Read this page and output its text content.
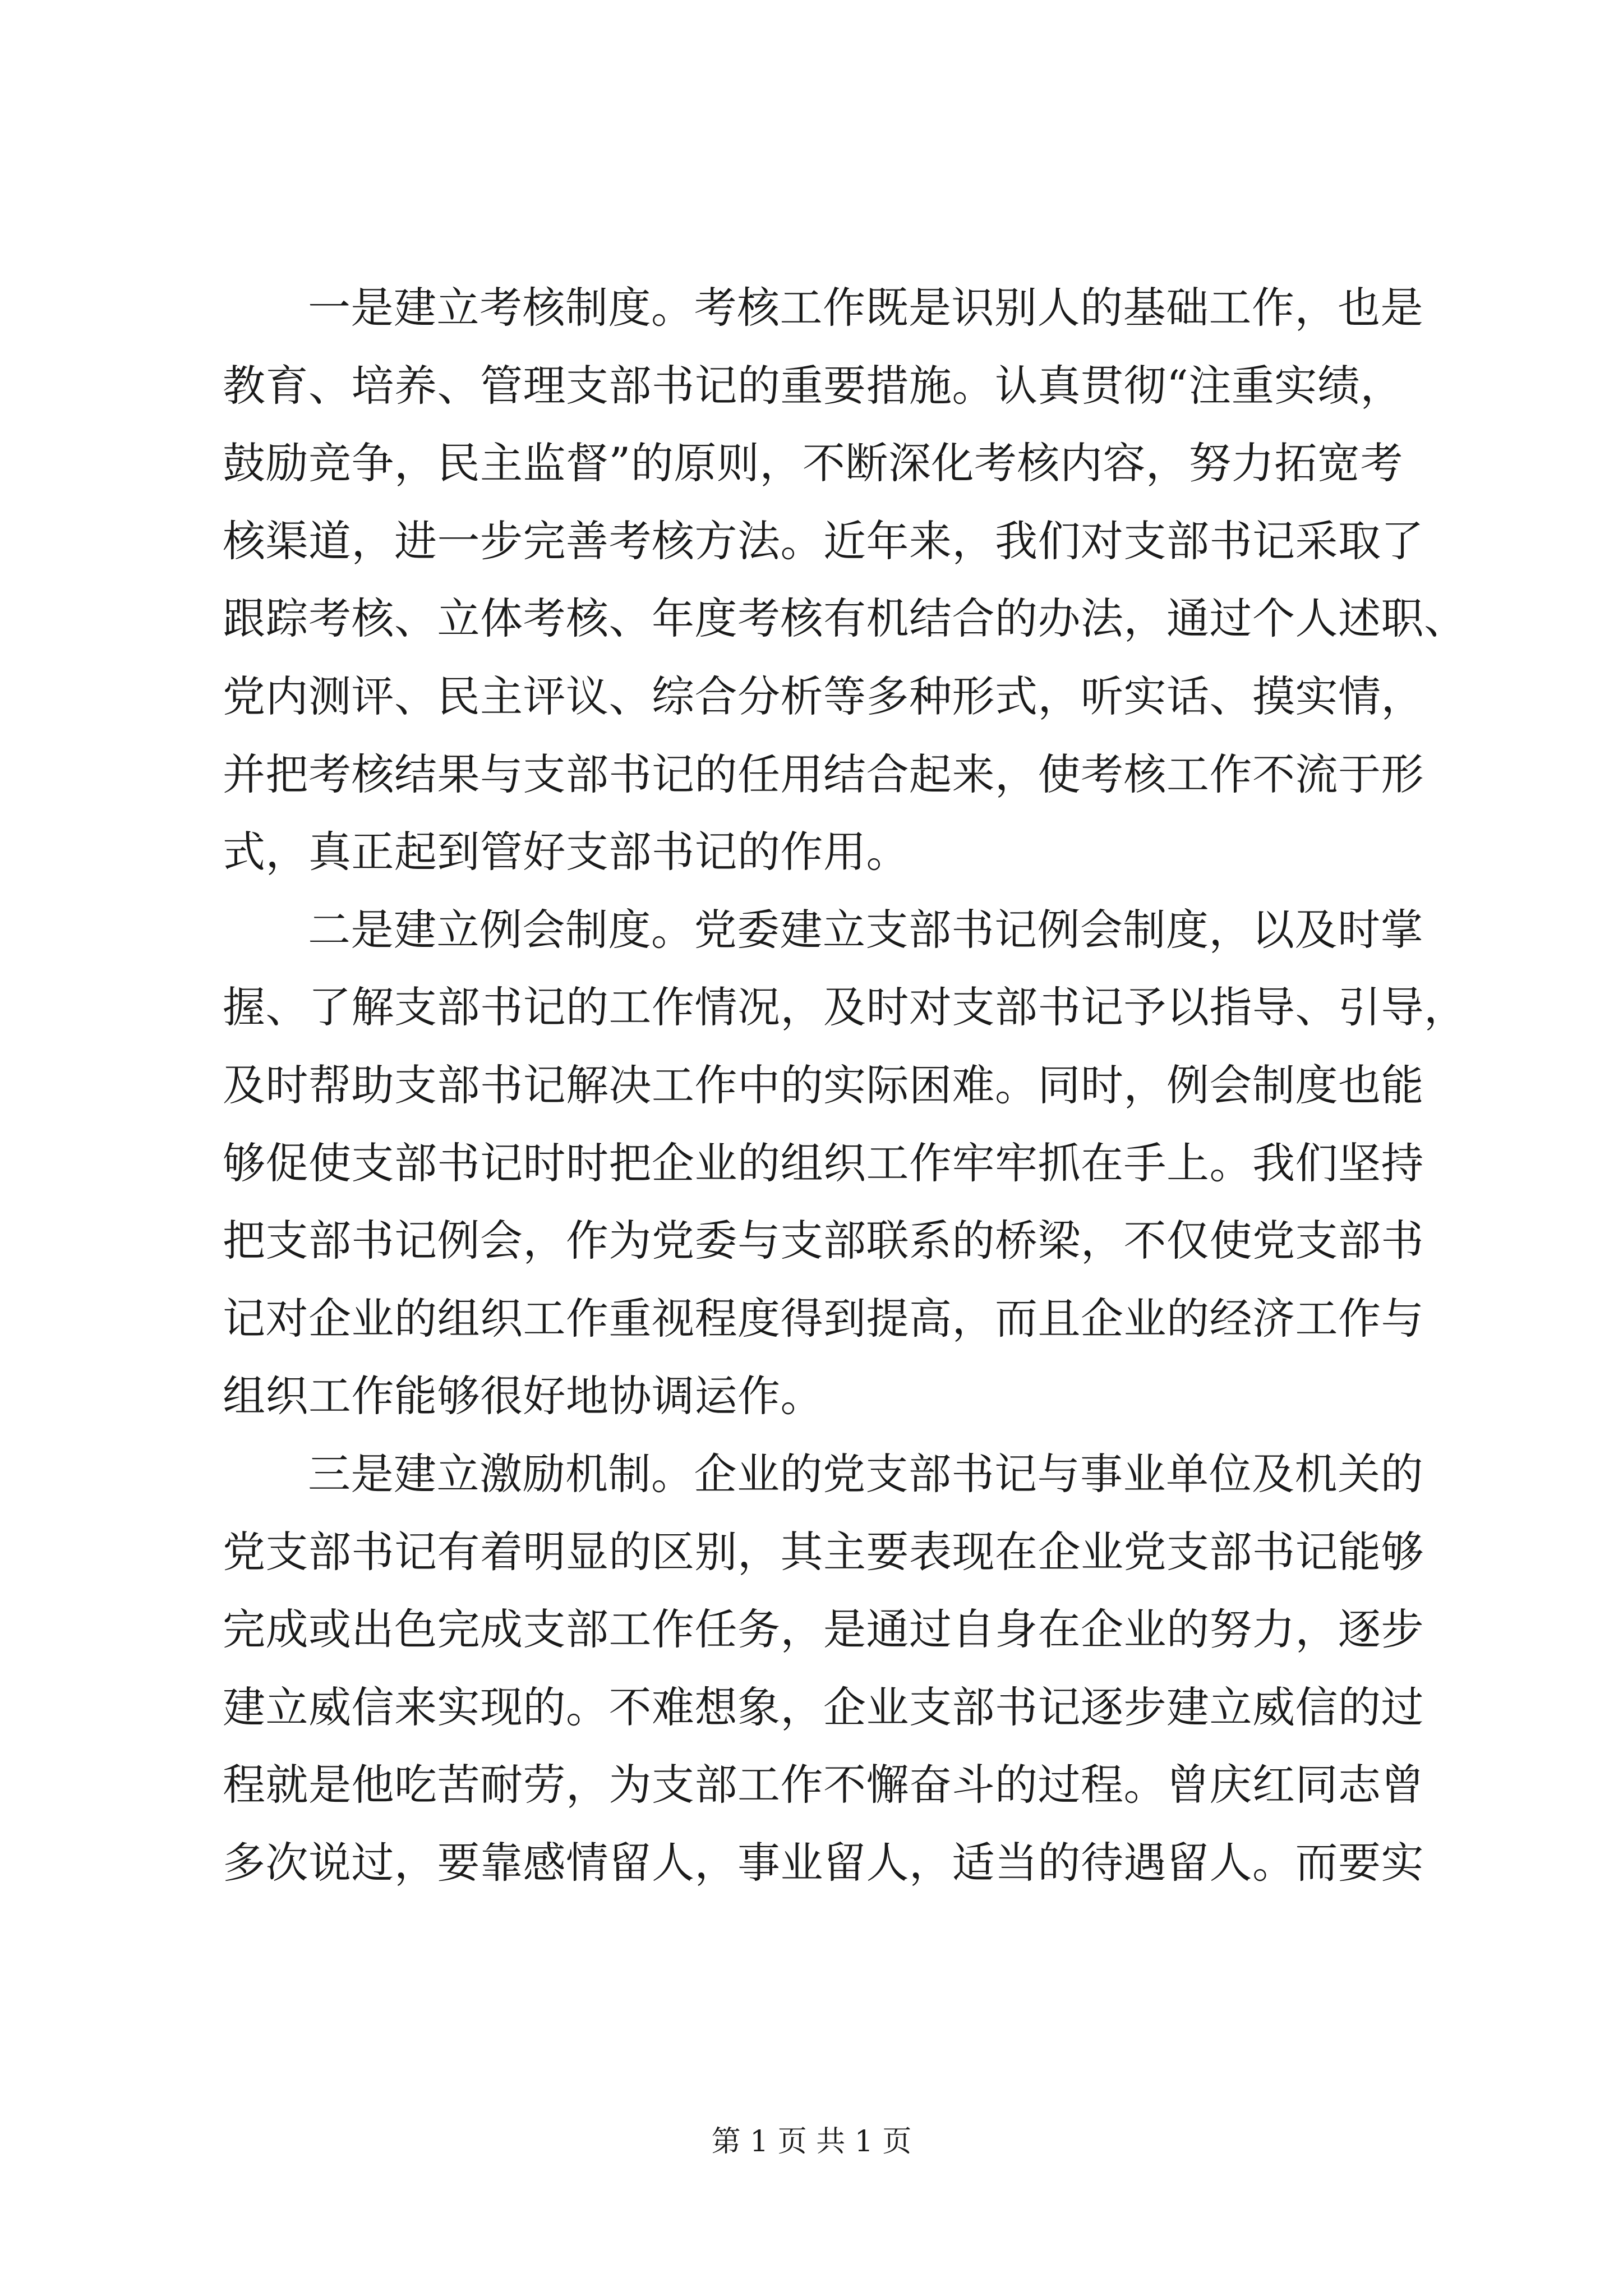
一是建立考核制度。考核工作既是识别人的基础工作，也是
教育、培养、管理支部书记的重要措施。认真贯彻“注重实绩，
鼓励竞争，民主监督”的原则，不断深化考核内容，努力拓宽考
核渠道，进一步完善考核方法。近年来，我们对支部书记采取了
跟踪考核、立体考核、年度考核有机结合的办法，通过个人述职、
党内测评、民主评议、综合分析等多种形式，听实话、摸实情，
并把考核结果与支部书记的任用结合起来，使考核工作不流于形
式，真正起到管好支部书记的作用。

二是建立例会制度。党委建立支部书记例会制度，以及时掌
握、了解支部书记的工作情况，及时对支部书记予以指导、引导，
及时帮助支部书记解决工作中的实际困难。同时，例会制度也能
够促使支部书记时时把企业的组织工作牢牢抓在手上。我们坚持
把支部书记例会，作为党委与支部联系的桥梁，不仅使党支部书
记对企业的组织工作重视程度得到提高，而且企业的经济工作与
组织工作能够很好地协调运作。

三是建立激励机制。企业的党支部书记与事业单位及机关的
党支部书记有着明显的区别，其主要表现在企业党支部书记能够
完成或出色完成支部工作任务，是通过自身在企业的努力，逐步
建立威信来实现的。不难想象，企业支部书记逐步建立威信的过
程就是他吃苦耐劳，为支部工作不懈奋斗的过程。曾庆红同志曾
多次说过，要靠感情留人，事业留人，适当的待遇留人。而要实

第 1 页 共 1 页
